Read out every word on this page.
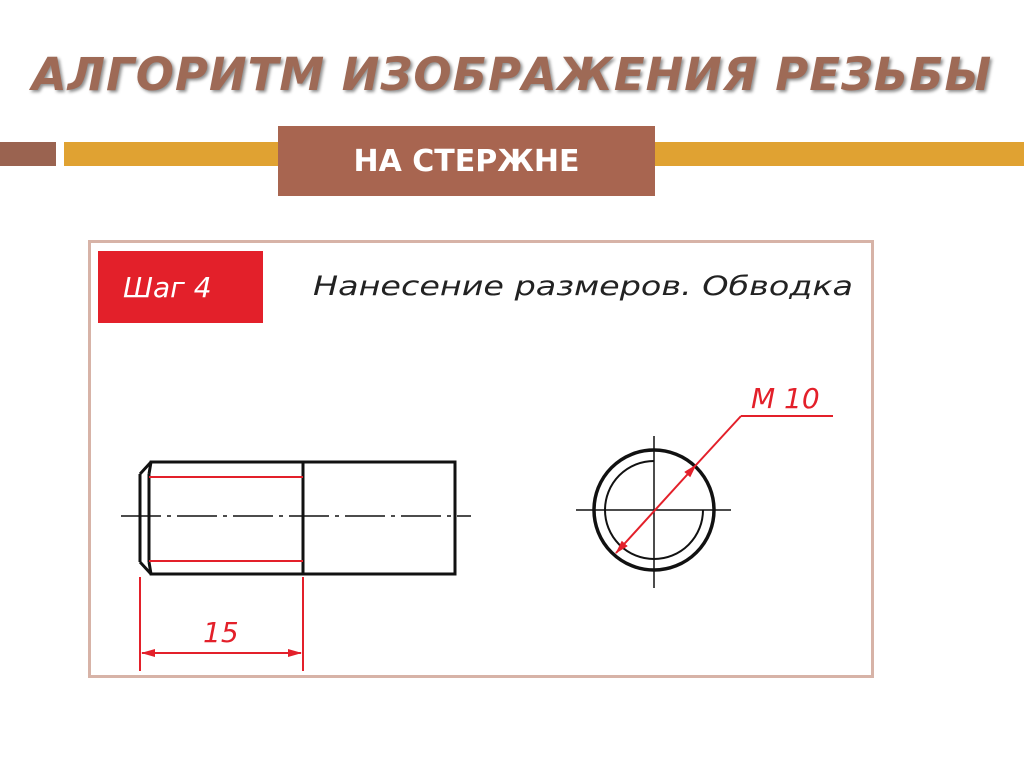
АЛГОРИТМ ИЗОБРАЖЕНИЯ РЕЗЬБЫ
НА СТЕРЖНЕ
Шаг 4	Нанесение размеров. Обводка
15
М 10
